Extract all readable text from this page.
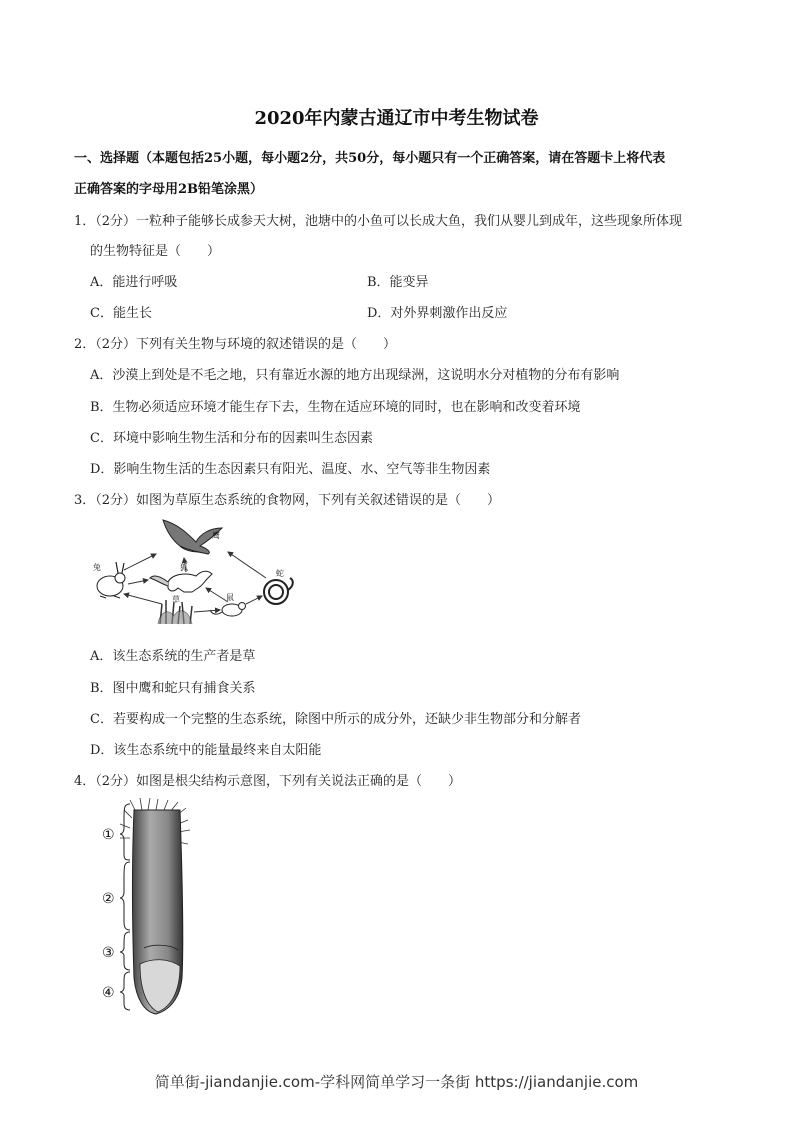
2020年内蒙古通辽市中考生物试卷
一、选择题（本题包括25小题，每小题2分，共50分，每小题只有一个正确答案，请在答题卡上将代表
正确答案的字母用2B铅笔涂黑）
1．（2分）一粒种子能够长成参天大树，池塘中的小鱼可以长成大鱼，我们从婴儿到成年，这些现象所体现
的生物特征是（　　）
A．能进行呼吸	B．能变异
C．能生长	D．对外界刺激作出反应
2．（2分）下列有关生物与环境的叙述错误的是（　　）
A．沙漠上到处是不毛之地，只有靠近水源的地方出现绿洲，这说明水分对植物的分布有影响
B．生物必须适应环境才能生存下去，生物在适应环境的同时，也在影响和改变着环境
C．环境中影响生物生活和分布的因素叫生态因素
D．影响生物生活的生态因素只有阳光、温度、水、空气等非生物因素
3．（2分）如图为草原生态系统的食物网，下列有关叙述错误的是（　　）
鹰
兔	狐
蛇
草	鼠
A．该生态系统的生产者是草
B．图中鹰和蛇只有捕食关系
C．若要构成一个完整的生态系统，除图中所示的成分外，还缺少非生物部分和分解者
D．该生态系统中的能量最终来自太阳能
4．（2分）如图是根尖结构示意图，下列有关说法正确的是（　　）
①
②
③
④
简单街-jiandanjie.com-学科网简单学习一条街 https://jiandanjie.com
